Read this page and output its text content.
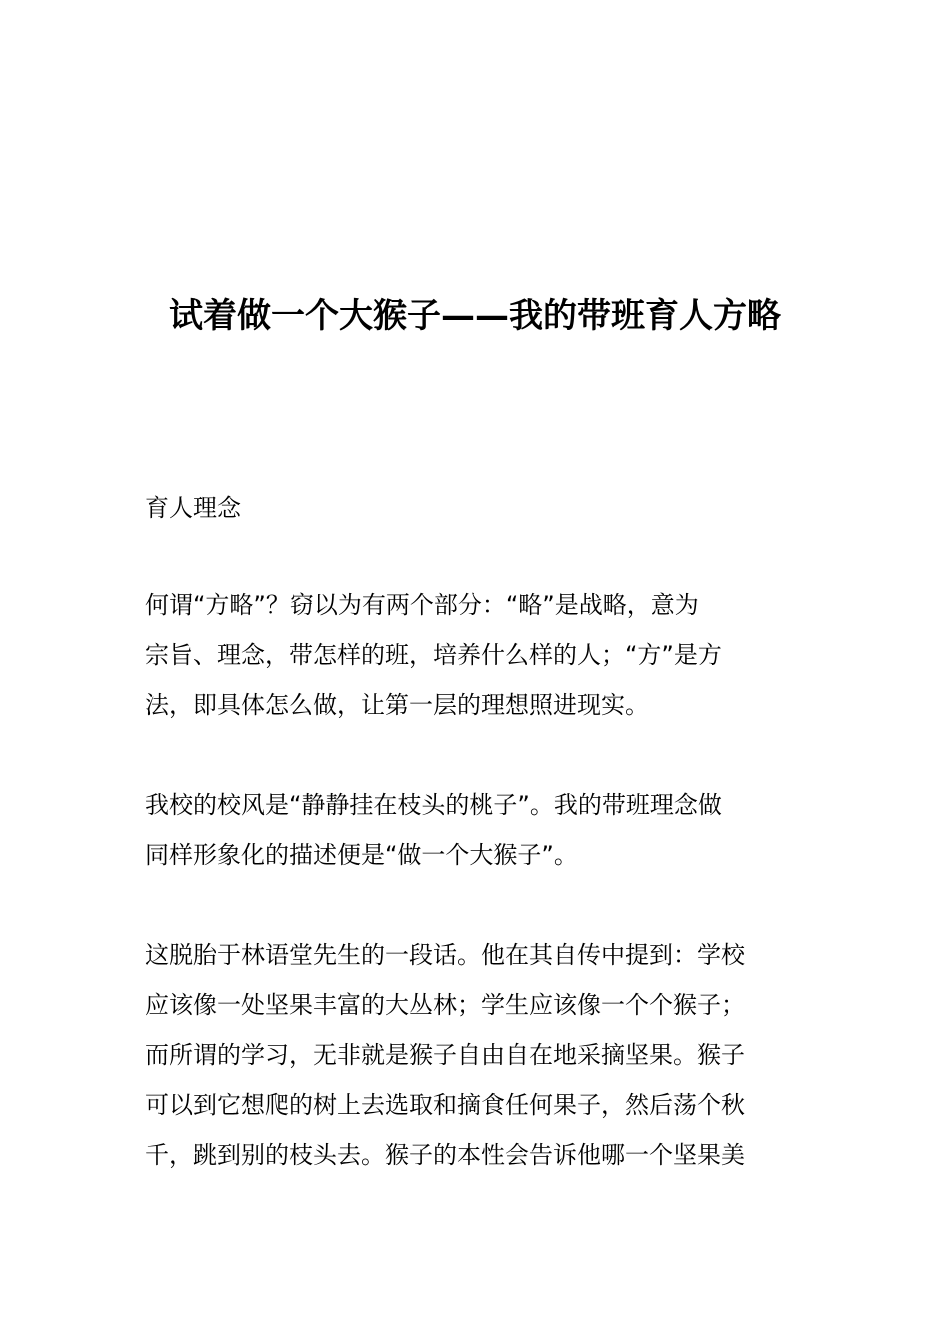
试着做一个大猴子——我的带班育人方略
育人理念
何谓“方略”？窃以为有两个部分：“略”是战略，意为
宗旨、理念，带怎样的班，培养什么样的人；“方”是方
法，即具体怎么做，让第一层的理想照进现实。
我校的校风是“静静挂在枝头的桃子”。我的带班理念做
同样形象化的描述便是“做一个大猴子”。
这脱胎于林语堂先生的一段话。他在其自传中提到：学校
应该像一处坚果丰富的大丛林；学生应该像一个个猴子；
而所谓的学习，无非就是猴子自由自在地采摘坚果。猴子
可以到它想爬的树上去选取和摘食任何果子，然后荡个秋
千，跳到别的枝头去。猴子的本性会告诉他哪一个坚果美
